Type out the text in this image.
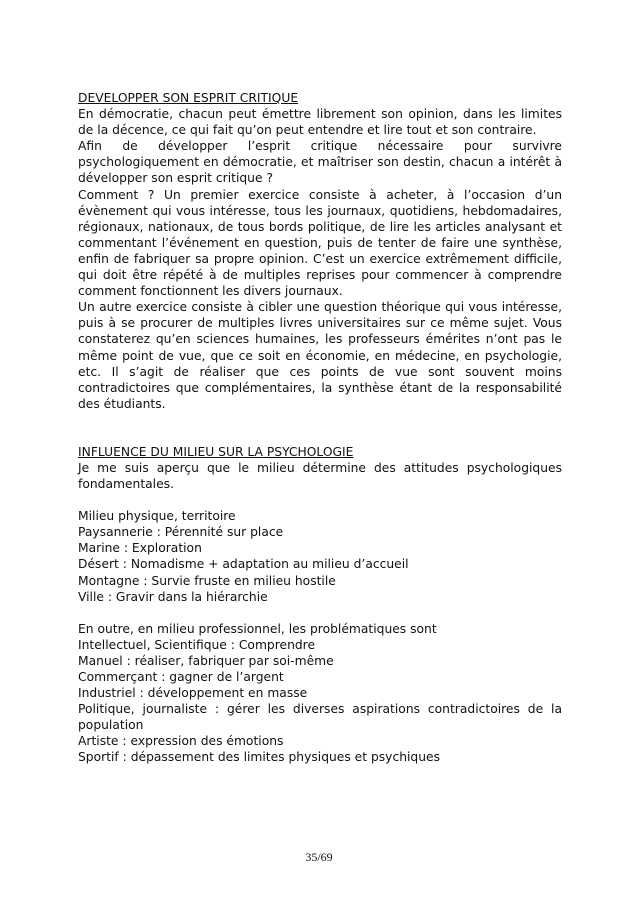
DEVELOPPER SON ESPRIT CRITIQUE

En démocratie, chacun peut émettre librement son opinion, dans les limites de la décence, ce qui fait qu’on peut entendre et lire tout et son contraire.

Afin de développer l’esprit critique nécessaire pour survivre psychologiquement en démocratie, et maîtriser son destin, chacun a intérêt à développer son esprit critique ?

Comment ? Un premier exercice consiste à acheter, à l’occasion d’un évènement qui vous intéresse, tous les journaux, quotidiens, hebdomadaires, régionaux, nationaux, de tous bords politique, de lire les articles analysant et commentant l’événement en question, puis de tenter de faire une synthèse, enfin de fabriquer sa propre opinion. C’est un exercice extrêmement difficile, qui doit être répété à de multiples reprises pour commencer à comprendre comment fonctionnent les divers journaux.

Un autre exercice consiste à cibler une question théorique qui vous intéresse, puis à se procurer de multiples livres universitaires sur ce même sujet. Vous constaterez qu’en sciences humaines, les professeurs émérites n’ont pas le même point de vue, que ce soit en économie, en médecine, en psychologie, etc. Il s’agit de réaliser que ces points de vue sont souvent moins contradictoires que complémentaires, la synthèse étant de la responsabilité des étudiants.

INFLUENCE DU MILIEU SUR LA PSYCHOLOGIE

Je me suis aperçu que le milieu détermine des attitudes psychologiques fondamentales.

Milieu physique, territoire

Paysannerie : Pérennité sur place

Marine : Exploration

Désert : Nomadisme + adaptation au milieu d’accueil

Montagne : Survie fruste en milieu hostile

Ville : Gravir dans la hiérarchie

En outre, en milieu professionnel, les problématiques sont

Intellectuel, Scientifique : Comprendre

Manuel : réaliser, fabriquer par soi-même

Commerçant : gagner de l’argent

Industriel : développement en masse

Politique, journaliste : gérer les diverses aspirations contradictoires de la population

Artiste : expression des émotions

Sportif : dépassement des limites physiques et psychiques

35/69
